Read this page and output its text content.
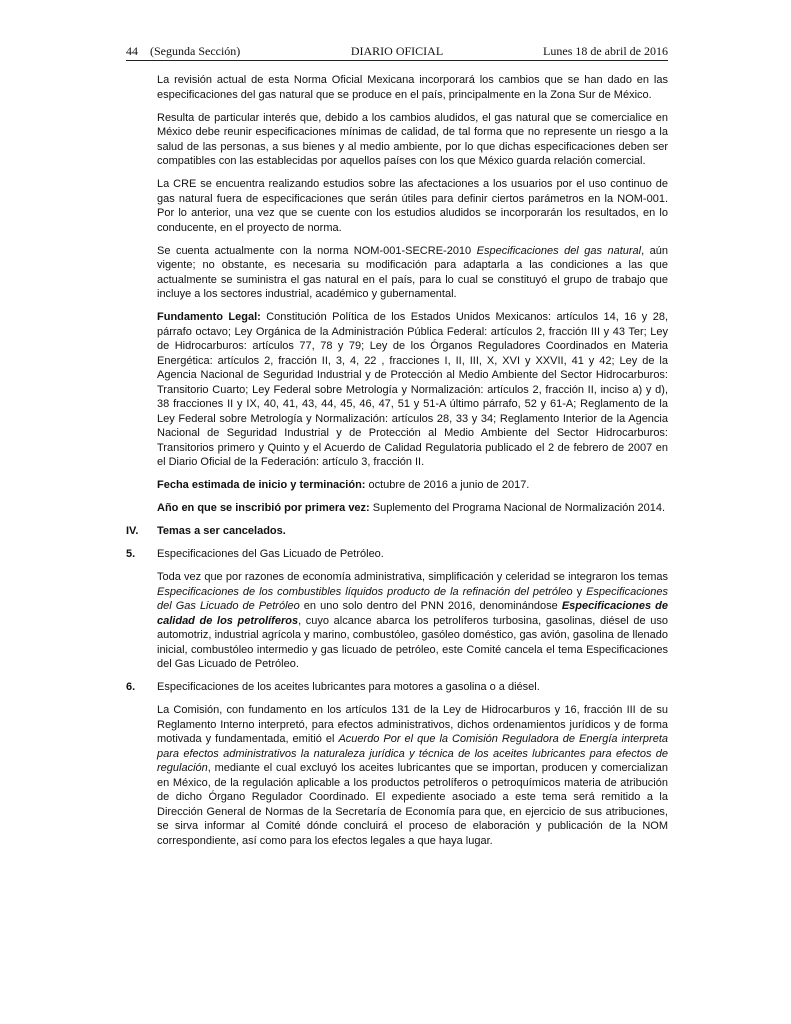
44 (Segunda Sección)	DIARIO OFICIAL	Lunes 18 de abril de 2016

La revisión actual de esta Norma Oficial Mexicana incorporará los cambios que se han dado en las especificaciones del gas natural que se produce en el país, principalmente en la Zona Sur de México.

Resulta de particular interés que, debido a los cambios aludidos, el gas natural que se comercialice en México debe reunir especificaciones mínimas de calidad, de tal forma que no represente un riesgo a la salud de las personas, a sus bienes y al medio ambiente, por lo que dichas especificaciones deben ser compatibles con las establecidas por aquellos países con los que México guarda relación comercial.

La CRE se encuentra realizando estudios sobre las afectaciones a los usuarios por el uso continuo de gas natural fuera de especificaciones que serán útiles para definir ciertos parámetros en la NOM-001. Por lo anterior, una vez que se cuente con los estudios aludidos se incorporarán los resultados, en lo conducente, en el proyecto de norma.

Se cuenta actualmente con la norma NOM-001-SECRE-2010 Especificaciones del gas natural, aún vigente; no obstante, es necesaria su modificación para adaptarla a las condiciones a las que actualmente se suministra el gas natural en el país, para lo cual se constituyó el grupo de trabajo que incluye a los sectores industrial, académico y gubernamental.

Fundamento Legal: Constitución Política de los Estados Unidos Mexicanos: artículos 14, 16 y 28, párrafo octavo; Ley Orgánica de la Administración Pública Federal: artículos 2, fracción III y 43 Ter; Ley de Hidrocarburos: artículos 77, 78 y 79; Ley de los Órganos Reguladores Coordinados en Materia Energética: artículos 2, fracción II, 3, 4, 22 , fracciones I, II, III, X, XVI y XXVII, 41 y 42; Ley de la Agencia Nacional de Seguridad Industrial y de Protección al Medio Ambiente del Sector Hidrocarburos: Transitorio Cuarto; Ley Federal sobre Metrología y Normalización: artículos 2, fracción II, inciso a) y d), 38 fracciones II y IX, 40, 41, 43, 44, 45, 46, 47, 51 y 51-A último párrafo, 52 y 61-A; Reglamento de la Ley Federal sobre Metrología y Normalización: artículos 28, 33 y 34; Reglamento Interior de la Agencia Nacional de Seguridad Industrial y de Protección al Medio Ambiente del Sector Hidrocarburos: Transitorios primero y Quinto y el Acuerdo de Calidad Regulatoria publicado el 2 de febrero de 2007 en el Diario Oficial de la Federación: artículo 3, fracción II.

Fecha estimada de inicio y terminación: octubre de 2016 a junio de 2017.

Año en que se inscribió por primera vez: Suplemento del Programa Nacional de Normalización 2014.

IV.	Temas a ser cancelados.
5.	Especificaciones del Gas Licuado de Petróleo.

Toda vez que por razones de economía administrativa, simplificación y celeridad se integraron los temas Especificaciones de los combustibles líquidos producto de la refinación del petróleo y Especificaciones del Gas Licuado de Petróleo en uno solo dentro del PNN 2016, denominándose Especificaciones de calidad de los petrolíferos, cuyo alcance abarca los petrolíferos turbosina, gasolinas, diésel de uso automotriz, industrial agrícola y marino, combustóleo, gasóleo doméstico, gas avión, gasolina de llenado inicial, combustóleo intermedio y gas licuado de petróleo, este Comité cancela el tema Especificaciones del Gas Licuado de Petróleo.

6.	Especificaciones de los aceites lubricantes para motores a gasolina o a diésel.

La Comisión, con fundamento en los artículos 131 de la Ley de Hidrocarburos y 16, fracción III de su Reglamento Interno interpretó, para efectos administrativos, dichos ordenamientos jurídicos y de forma motivada y fundamentada, emitió el Acuerdo Por el que la Comisión Reguladora de Energía interpreta para efectos administrativos la naturaleza jurídica y técnica de los aceites lubricantes para efectos de regulación, mediante el cual excluyó los aceites lubricantes que se importan, producen y comercializan en México, de la regulación aplicable a los productos petrolíferos o petroquímicos materia de atribución de dicho Órgano Regulador Coordinado. El expediente asociado a este tema será remitido a la Dirección General de Normas de la Secretaría de Economía para que, en ejercicio de sus atribuciones, se sirva informar al Comité dónde concluirá el proceso de elaboración y publicación de la NOM correspondiente, así como para los efectos legales a que haya lugar.
